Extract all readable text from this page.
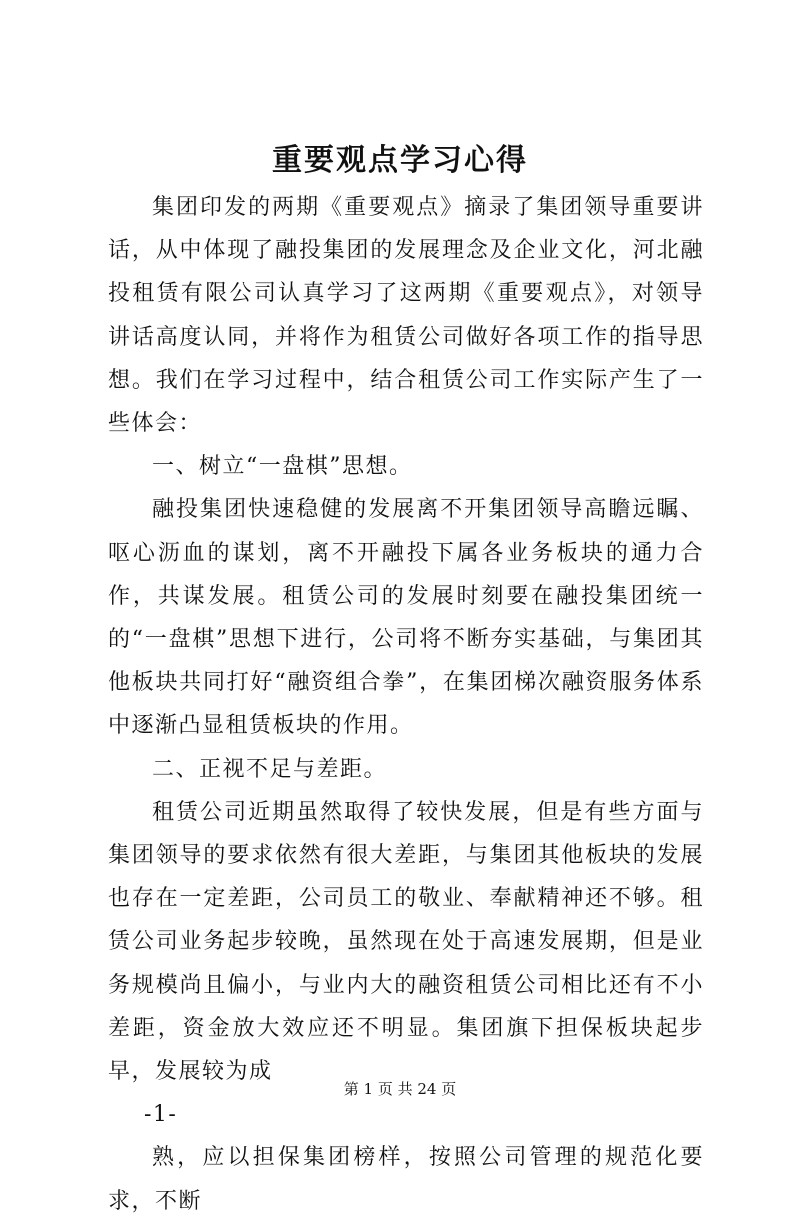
重要观点学习心得

集团印发的两期《重要观点》摘录了集团领导重要讲话，从中体现了融投集团的发展理念及企业文化，河北融投租赁有限公司认真学习了这两期《重要观点》，对领导讲话高度认同，并将作为租赁公司做好各项工作的指导思想。我们在学习过程中，结合租赁公司工作实际产生了一些体会：

一、树立“一盘棋”思想。

融投集团快速稳健的发展离不开集团领导高瞻远瞩、呕心沥血的谋划，离不开融投下属各业务板块的通力合作，共谋发展。租赁公司的发展时刻要在融投集团统一的“一盘棋”思想下进行，公司将不断夯实基础，与集团其他板块共同打好“融资组合拳”，在集团梯次融资服务体系中逐渐凸显租赁板块的作用。

二、正视不足与差距。

租赁公司近期虽然取得了较快发展，但是有些方面与集团领导的要求依然有很大差距，与集团其他板块的发展也存在一定差距，公司员工的敬业、奉献精神还不够。租赁公司业务起步较晚，虽然现在处于高速发展期，但是业务规模尚且偏小，与业内大的融资租赁公司相比还有不小差距，资金放大效应还不明显。集团旗下担保板块起步早，发展较为成

-1-

熟，应以担保集团榜样，按照公司管理的规范化要求，不断

第 1 页 共 24 页
